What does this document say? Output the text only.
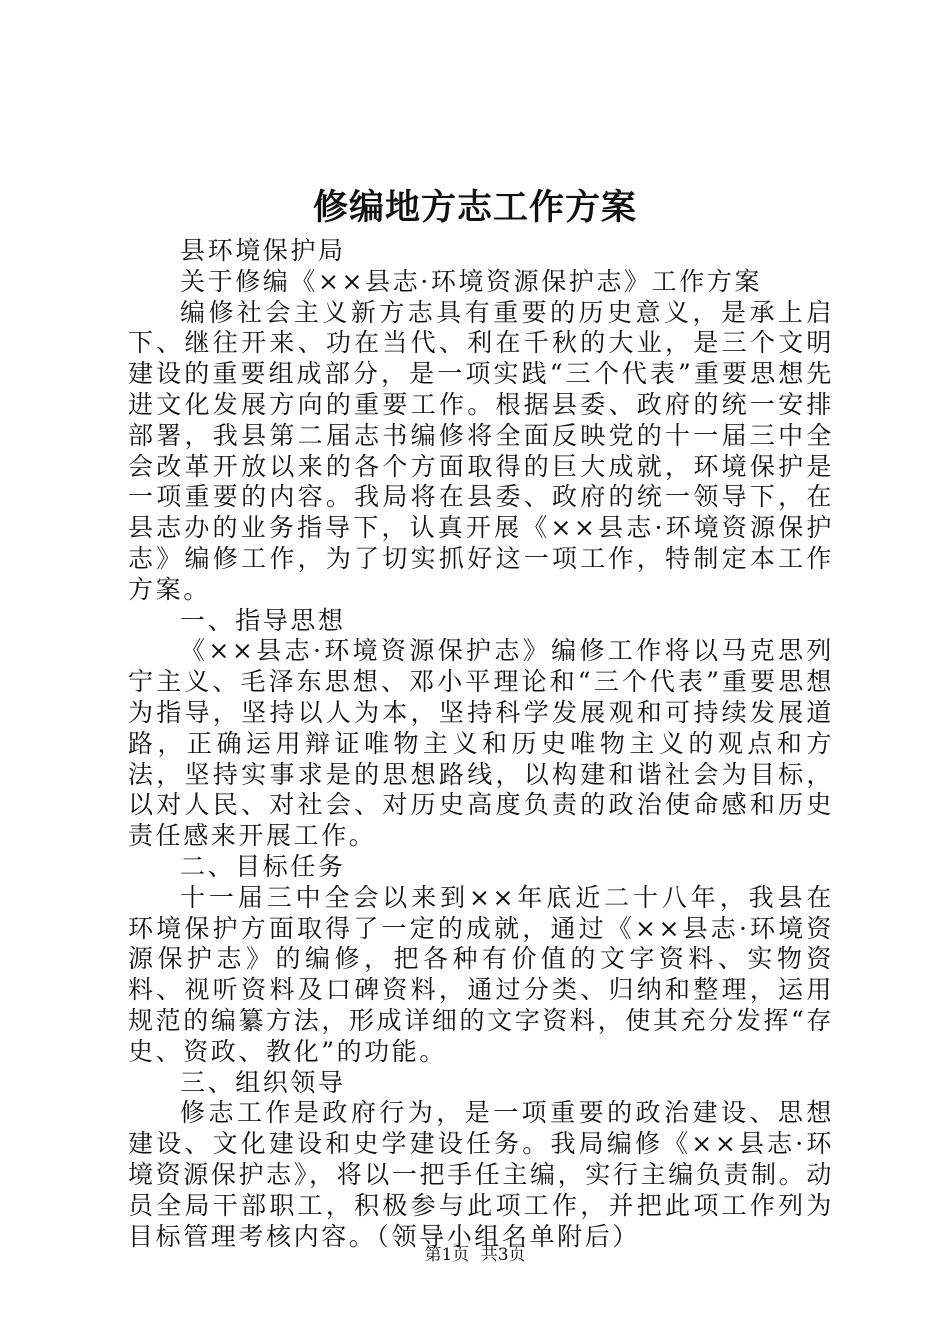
修编地方志工作方案

县环境保护局

关于修编《××县志·环境资源保护志》工作方案

编修社会主义新方志具有重要的历史意义，是承上启下、继往开来、功在当代、利在千秋的大业，是三个文明建设的重要组成部分，是一项实践“三个代表”重要思想先进文化发展方向的重要工作。根据县委、政府的统一安排部署，我县第二届志书编修将全面反映党的十一届三中全会改革开放以来的各个方面取得的巨大成就，环境保护是一项重要的内容。我局将在县委、政府的统一领导下，在县志办的业务指导下，认真开展《××县志·环境资源保护志》编修工作，为了切实抓好这一项工作，特制定本工作方案。

一、指导思想

《××县志·环境资源保护志》编修工作将以马克思列宁主义、毛泽东思想、邓小平理论和“三个代表”重要思想为指导，坚持以人为本，坚持科学发展观和可持续发展道路，正确运用辩证唯物主义和历史唯物主义的观点和方法，坚持实事求是的思想路线，以构建和谐社会为目标，以对人民、对社会、对历史高度负责的政治使命感和历史责任感来开展工作。

二、目标任务

十一届三中全会以来到××年底近二十八年，我县在环境保护方面取得了一定的成就，通过《××县志·环境资源保护志》的编修，把各种有价值的文字资料、实物资料、视听资料及口碑资料，通过分类、归纳和整理，运用规范的编纂方法，形成详细的文字资料，使其充分发挥“存史、资政、教化”的功能。

三、组织领导

修志工作是政府行为，是一项重要的政治建设、思想建设、文化建设和史学建设任务。我局编修《××县志·环境资源保护志》，将以一把手任主编，实行主编负责制。动员全局干部职工，积极参与此项工作，并把此项工作列为目标管理考核内容。（领导小组名单附后）

第1页 共3页
